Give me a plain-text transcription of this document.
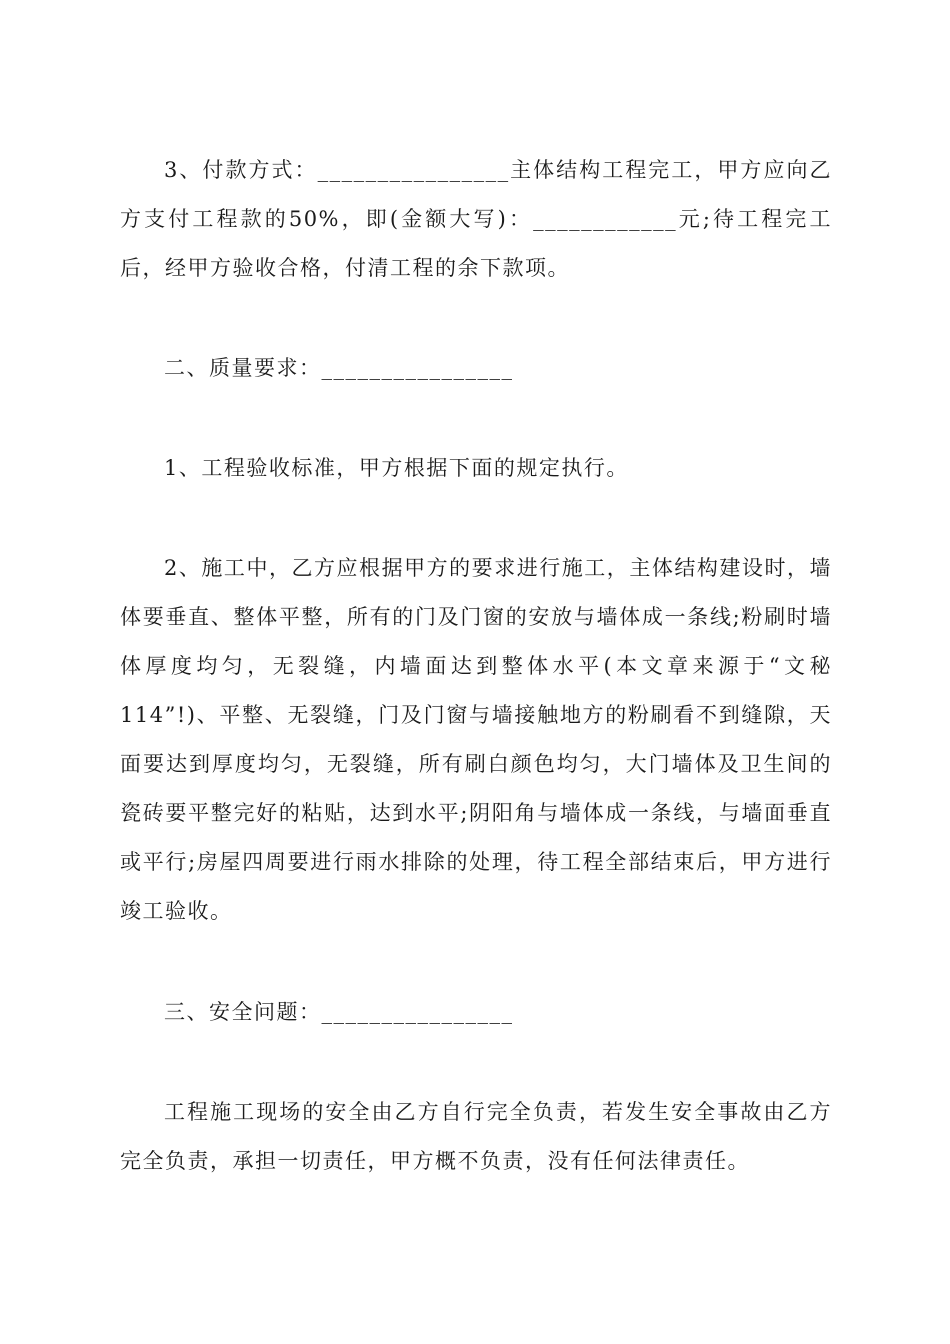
3、付款方式：________________主体结构工程完工，甲方应向乙方支付工程款的50%，即(金额大写)：____________元;待工程完工后，经甲方验收合格，付清工程的余下款项。

二、质量要求：________________

1、工程验收标准，甲方根据下面的规定执行。

2、施工中，乙方应根据甲方的要求进行施工，主体结构建设时，墙体要垂直、整体平整，所有的门及门窗的安放与墙体成一条线;粉刷时墙体厚度均匀，无裂缝，内墙面达到整体水平(本文章来源于“文秘114”!)、平整、无裂缝，门及门窗与墙接触地方的粉刷看不到缝隙，天面要达到厚度均匀，无裂缝，所有刷白颜色均匀，大门墙体及卫生间的瓷砖要平整完好的粘贴，达到水平;阴阳角与墙体成一条线，与墙面垂直或平行;房屋四周要进行雨水排除的处理，待工程全部结束后，甲方进行竣工验收。

三、安全问题：________________

工程施工现场的安全由乙方自行完全负责，若发生安全事故由乙方完全负责，承担一切责任，甲方概不负责，没有任何法律责任。
